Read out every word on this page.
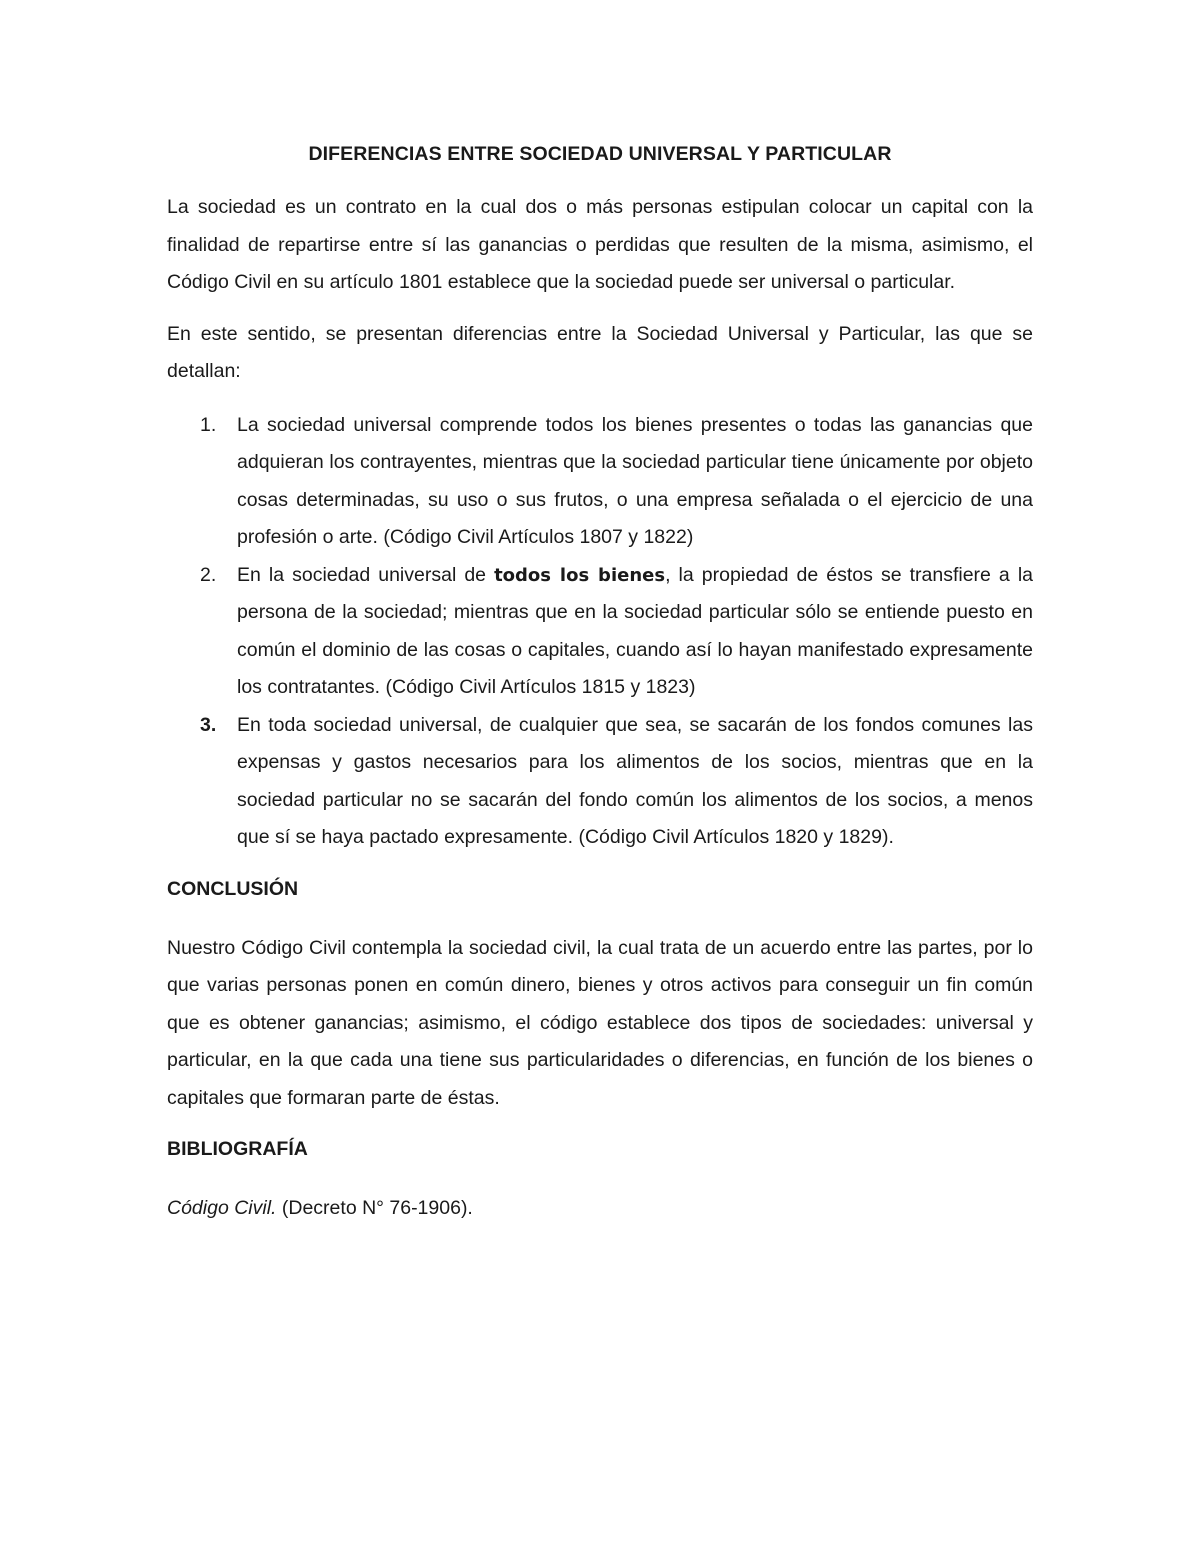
DIFERENCIAS ENTRE SOCIEDAD UNIVERSAL Y PARTICULAR

La sociedad es un contrato en la cual dos o más personas estipulan colocar un capital con la finalidad de repartirse entre sí las ganancias o perdidas que resulten de la misma, asimismo, el Código Civil en su artículo 1801 establece que la sociedad puede ser universal o particular.

En este sentido, se presentan diferencias entre la Sociedad Universal y Particular, las que se detallan:

1. La sociedad universal comprende todos los bienes presentes o todas las ganancias que adquieran los contrayentes, mientras que la sociedad particular tiene únicamente por objeto cosas determinadas, su uso o sus frutos, o una empresa señalada o el ejercicio de una profesión o arte. (Código Civil Artículos 1807 y 1822)
2. En la sociedad universal de todos los bienes, la propiedad de éstos se transfiere a la persona de la sociedad; mientras que en la sociedad particular sólo se entiende puesto en común el dominio de las cosas o capitales, cuando así lo hayan manifestado expresamente los contratantes. (Código Civil Artículos 1815 y 1823)
3. En toda sociedad universal, de cualquier que sea, se sacarán de los fondos comunes las expensas y gastos necesarios para los alimentos de los socios, mientras que en la sociedad particular no se sacarán del fondo común los alimentos de los socios, a menos que sí se haya pactado expresamente. (Código Civil Artículos 1820 y 1829).
CONCLUSIÓN

Nuestro Código Civil contempla la sociedad civil, la cual trata de un acuerdo entre las partes, por lo que varias personas ponen en común dinero, bienes y otros activos para conseguir un fin común que es obtener ganancias; asimismo, el código establece dos tipos de sociedades: universal y particular, en la que cada una tiene sus particularidades o diferencias, en función de los bienes o capitales que formaran parte de éstas.

BIBLIOGRAFÍA

Código Civil. (Decreto N° 76-1906).
